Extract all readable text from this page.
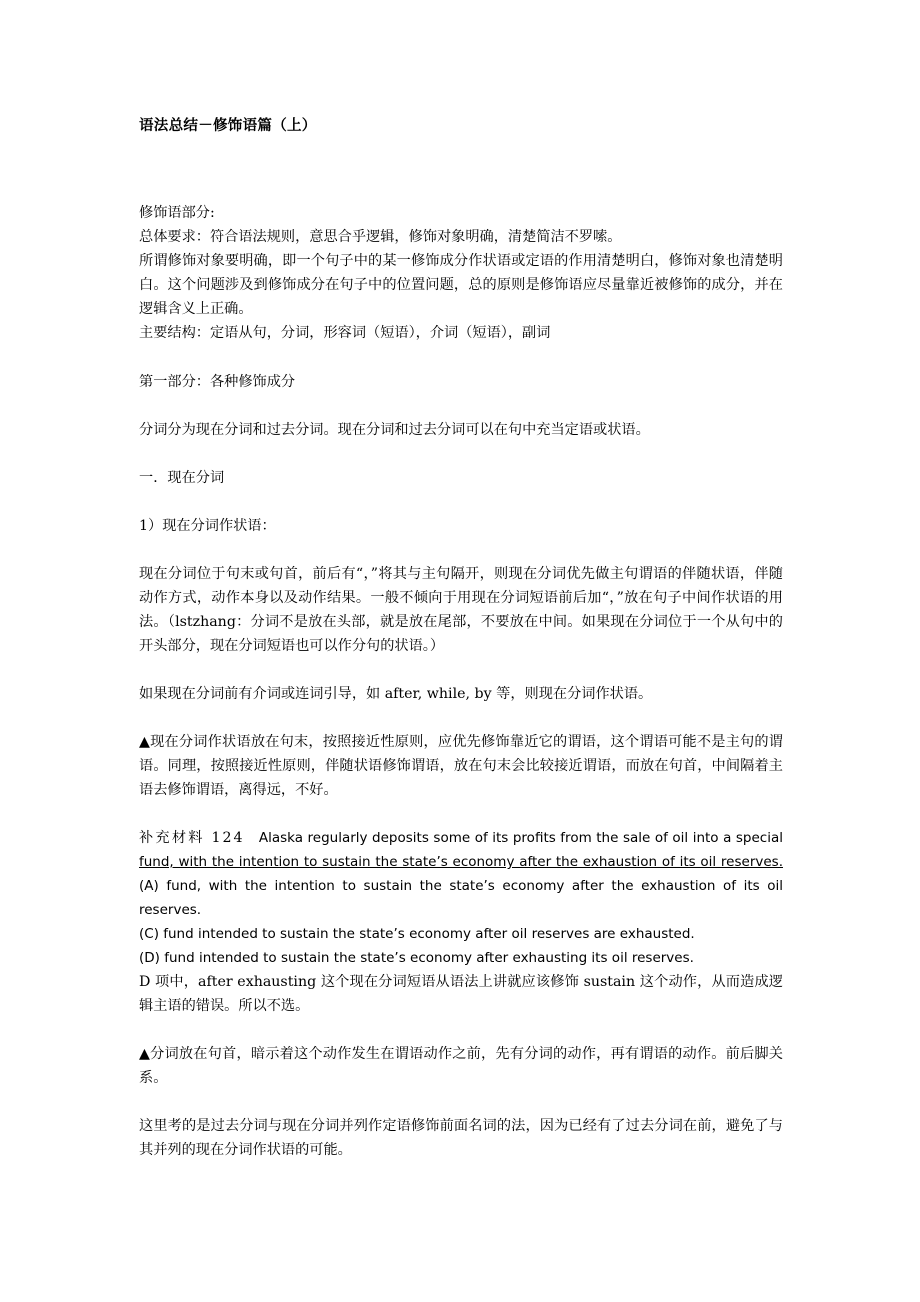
语法总结－修饰语篇（上）

修饰语部分:

总体要求：符合语法规则，意思合乎逻辑，修饰对象明确，清楚简洁不罗嗦。

所谓修饰对象要明确，即一个句子中的某一修饰成分作状语或定语的作用清楚明白，修饰对象也清楚明白。这个问题涉及到修饰成分在句子中的位置问题，总的原则是修饰语应尽量靠近被修饰的成分，并在逻辑含义上正确。

主要结构：定语从句，分词，形容词（短语），介词（短语），副词

第一部分：各种修饰成分

分词分为现在分词和过去分词。现在分词和过去分词可以在句中充当定语或状语。

一．现在分词

1）现在分词作状语：

现在分词位于句末或句首，前后有“，”将其与主句隔开，则现在分词优先做主句谓语的伴随状语，伴随动作方式，动作本身以及动作结果。一般不倾向于用现在分词短语前后加“，”放在句子中间作状语的用法。（lstzhang：分词不是放在头部，就是放在尾部，不要放在中间。如果现在分词位于一个从句中的开头部分，现在分词短语也可以作分句的状语。）

如果现在分词前有介词或连词引导，如 after, while, by 等，则现在分词作状语。

▲现在分词作状语放在句末，按照接近性原则，应优先修饰靠近它的谓语，这个谓语可能不是主句的谓语。同理，按照接近性原则，伴随状语修饰谓语，放在句末会比较接近谓语，而放在句首，中间隔着主语去修饰谓语，离得远，不好。

补充材料 124 Alaska regularly deposits some of its profits from the sale of oil into a special fund, with the intention to sustain the state’s economy after the exhaustion of its oil reserves.(A) fund, with the intention to sustain the state’s economy after the exhaustion of its oil reserves.

(C) fund intended to sustain the state’s economy after oil reserves are exhausted.

(D) fund intended to sustain the state’s economy after exhausting its oil reserves.

D 项中，after exhausting 这个现在分词短语从语法上讲就应该修饰 sustain 这个动作，从而造成逻辑主语的错误。所以不选。

▲分词放在句首，暗示着这个动作发生在谓语动作之前，先有分词的动作，再有谓语的动作。前后脚关系。

这里考的是过去分词与现在分词并列作定语修饰前面名词的法，因为已经有了过去分词在前，避免了与其并列的现在分词作状语的可能。
